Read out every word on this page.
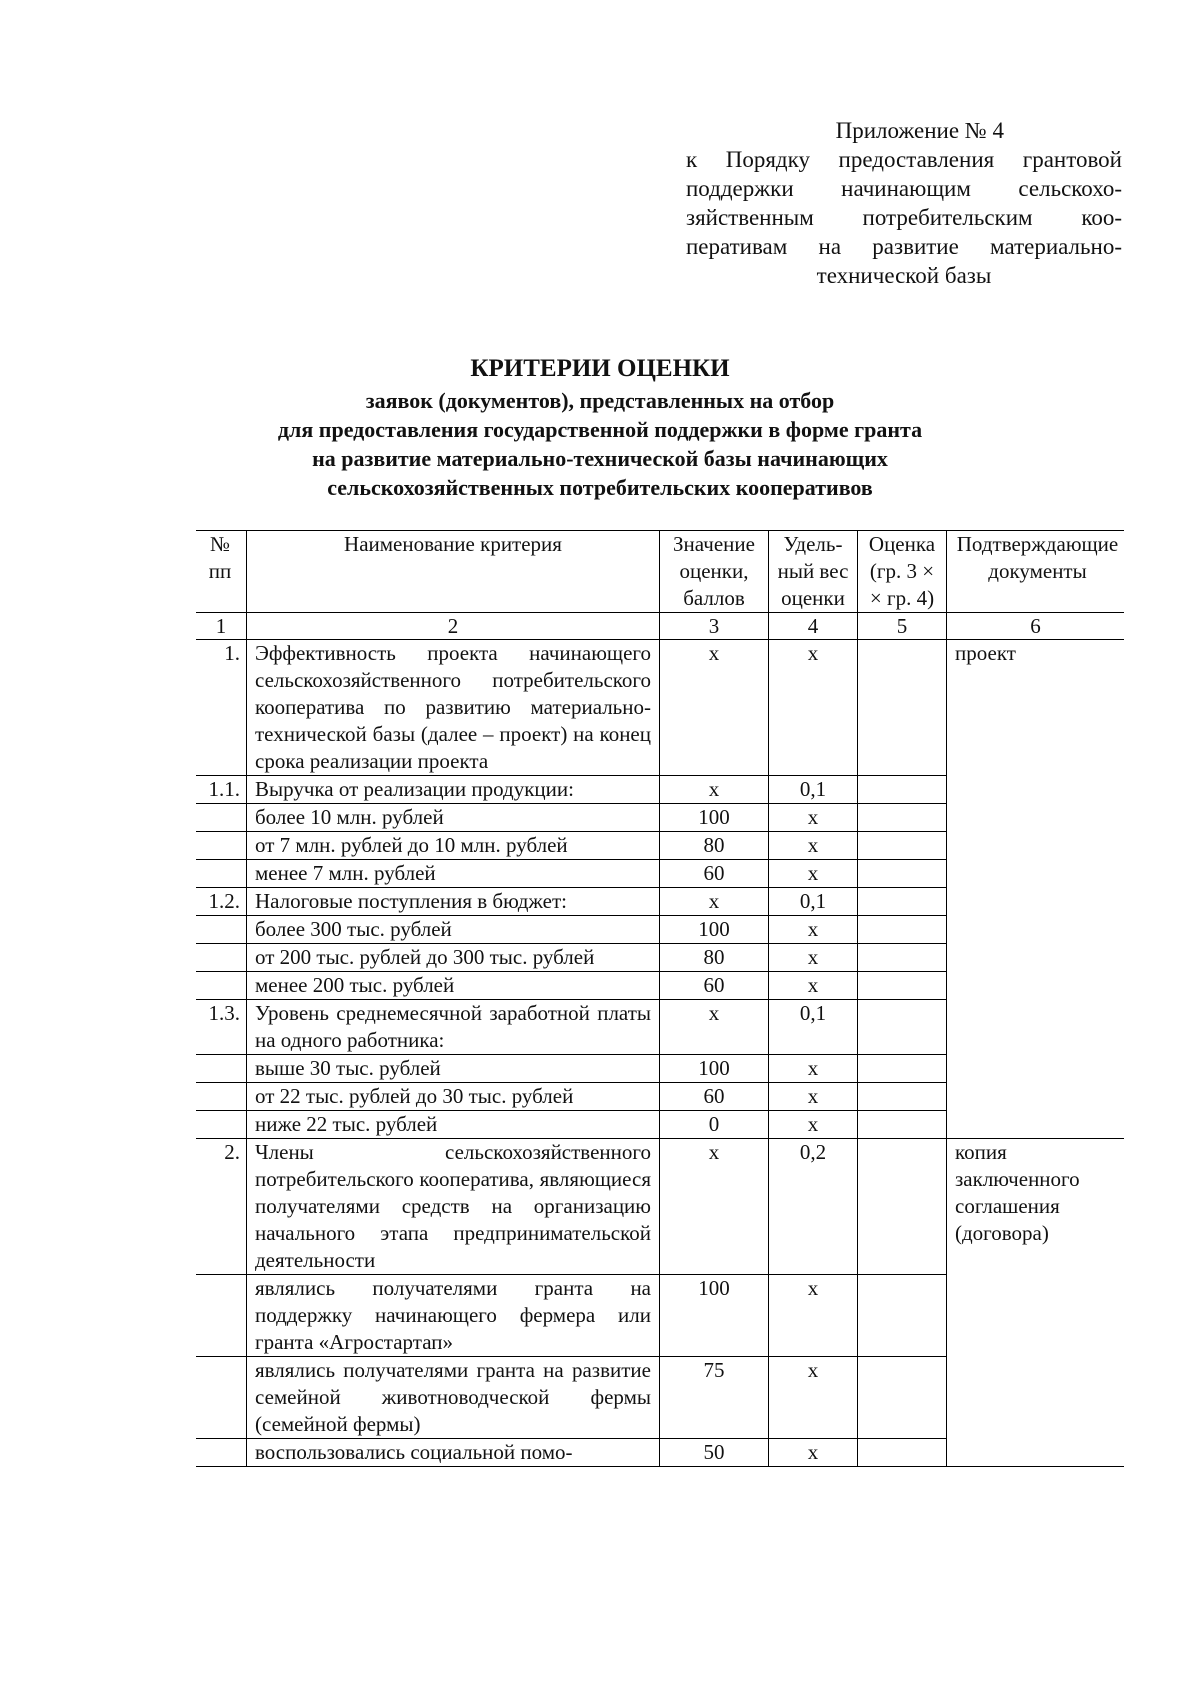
Приложение № 4
к Порядку предоставления грантовой
поддержки начинающим сельскохо-
зяйственным потребительским коо-
перативам на развитие материально-
технической базы
КРИТЕРИИ ОЦЕНКИ
заявок (документов), представленных на отбор
для предоставления государственной поддержки в форме гранта
на развитие материально-технической базы начинающих
сельскохозяйственных потребительских кооперативов
№ пп	Наименование критерия	Значение оценки, баллов	Удель-ный вес оценки	Оценка (гр. 3 × × гр. 4)	Подтверждающие документы
1	2	3	4	5	6
1.	Эффективность проекта начинающего сельскохозяйственного потребительского кооператива по развитию материально-технической базы (далее – проект) на конец срока реализации проекта	х	х		проект
1.1.	Выручка от реализации продукции:	х	0,1		
	более 10 млн. рублей	100	х		
	от 7 млн. рублей до 10 млн. рублей	80	х		
	менее 7 млн. рублей	60	х		
1.2.	Налоговые поступления в бюджет:	х	0,1		
	более 300 тыс. рублей	100	х		
	от 200 тыс. рублей до 300 тыс. рублей	80	х		
	менее 200 тыс. рублей	60	х		
1.3.	Уровень среднемесячной заработной платы на одного работника:	х	0,1		
	выше 30 тыс. рублей	100	х		
	от 22 тыс. рублей до 30 тыс. рублей	60	х		
	ниже 22 тыс. рублей	0	х		
2.	Члены сельскохозяйственного потребительского кооператива, являющиеся получателями средств на организацию начального этапа предпринимательской деятельности	х	0,2		копия заключенного соглашения (договора)
	являлись получателями гранта на поддержку начинающего фермера или гранта «Агростартап»	100	х		
	являлись получателями гранта на развитие семейной животноводческой фермы (семейной фермы)	75	х		
	воспользовались социальной помо-	50	х		
